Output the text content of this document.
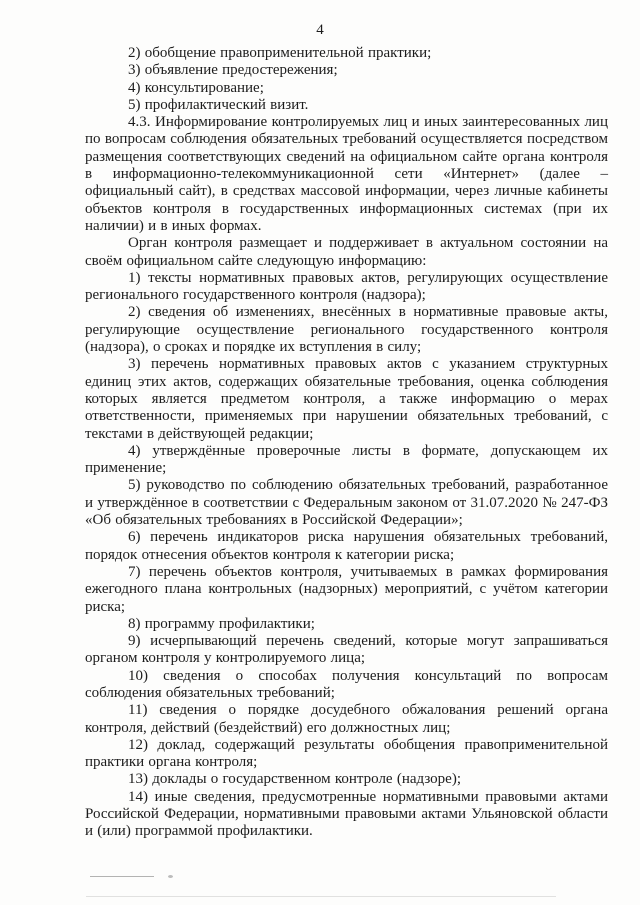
4

2) обобщение правоприменительной практики;

3) объявление предостережения;

4) консультирование;

5) профилактический визит.

4.3. Информирование контролируемых лиц и иных заинтересованных лиц по вопросам соблюдения обязательных требований осуществляется посредством размещения соответствующих сведений на официальном сайте органа контроля в информационно-телекоммуникационной сети «Интернет» (далее – официальный сайт), в средствах массовой информации, через личные кабинеты объектов контроля в государственных информационных системах (при их наличии) и в иных формах.

Орган контроля размещает и поддерживает в актуальном состоянии на своём официальном сайте следующую информацию:

1) тексты нормативных правовых актов, регулирующих осуществление регионального государственного контроля (надзора);

2) сведения об изменениях, внесённых в нормативные правовые акты, регулирующие осуществление регионального государственного контроля (надзора), о сроках и порядке их вступления в силу;

3) перечень нормативных правовых актов с указанием структурных единиц этих актов, содержащих обязательные требования, оценка соблюдения которых является предметом контроля, а также информацию о мерах ответственности, применяемых при нарушении обязательных требований, с текстами в действующей редакции;

4) утверждённые проверочные листы в формате, допускающем их применение;

5) руководство по соблюдению обязательных требований, разработанное и утверждённое в соответствии с Федеральным законом от 31.07.2020 № 247-ФЗ «Об обязательных требованиях в Российской Федерации»;

6) перечень индикаторов риска нарушения обязательных требований, порядок отнесения объектов контроля к категории риска;

7) перечень объектов контроля, учитываемых в рамках формирования ежегодного плана контрольных (надзорных) мероприятий, с учётом категории риска;

8) программу профилактики;

9) исчерпывающий перечень сведений, которые могут запрашиваться органом контроля у контролируемого лица;

10) сведения о способах получения консультаций по вопросам соблюдения обязательных требований;

11) сведения о порядке досудебного обжалования решений органа контроля, действий (бездействий) его должностных лиц;

12) доклад, содержащий результаты обобщения правоприменительной практики органа контроля;

13) доклады о государственном контроле (надзоре);

14) иные сведения, предусмотренные нормативными правовыми актами Российской Федерации, нормативными правовыми актами Ульяновской области и (или) программой профилактики.
